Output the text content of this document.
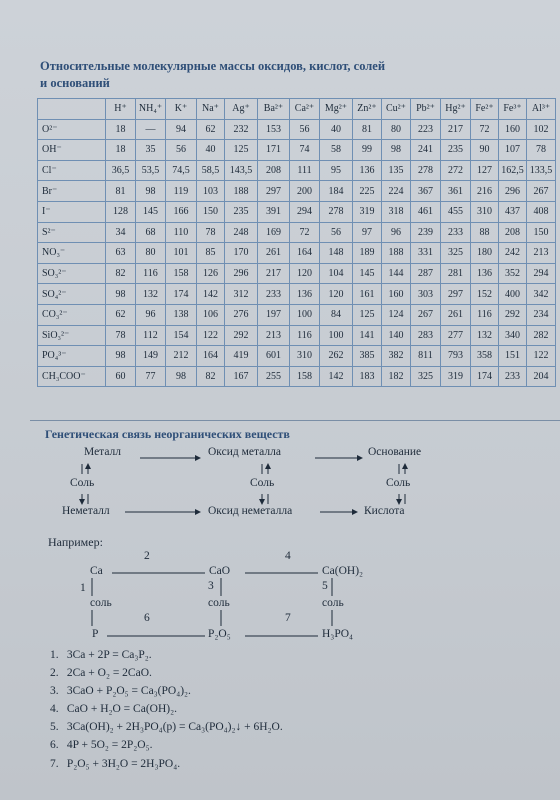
Относительные молекулярные массы оксидов, кислот, солей
и оснований
	H⁺	NH₄⁺	K⁺	Na⁺	Ag⁺	Ba²⁺	Ca²⁺	Mg²⁺	Zn²⁺	Cu²⁺	Pb²⁺	Hg²⁺	Fe²⁺	Fe³⁺	Al³⁺
O²⁻	18	—	94	62	232	153	56	40	81	80	223	217	72	160	102
OH⁻	18	35	56	40	125	171	74	58	99	98	241	235	90	107	78
Cl⁻	36,5	53,5	74,5	58,5	143,5	208	111	95	136	135	278	272	127	162,5	133,5
Br⁻	81	98	119	103	188	297	200	184	225	224	367	361	216	296	267
I⁻	128	145	166	150	235	391	294	278	319	318	461	455	310	437	408
S²⁻	34	68	110	78	248	169	72	56	97	96	239	233	88	208	150
NO₃⁻	63	80	101	85	170	261	164	148	189	188	331	325	180	242	213
SO₃²⁻	82	116	158	126	296	217	120	104	145	144	287	281	136	352	294
SO₄²⁻	98	132	174	142	312	233	136	120	161	160	303	297	152	400	342
CO₃²⁻	62	96	138	106	276	197	100	84	125	124	267	261	116	292	234
SiO₃²⁻	78	112	154	122	292	213	116	100	141	140	283	277	132	340	282
PO₄³⁻	98	149	212	164	419	601	310	262	385	382	811	793	358	151	122
CH₃COO⁻	60	77	98	82	167	255	158	142	183	182	325	319	174	233	204
Генетическая связь неорганических веществ
Металл	Оксид металла	Основание
Соль	Соль	Соль
Неметалл	Оксид неметалла	Кислота
Например:
2	4
Ca	CaO	Ca(OH)₂
1	3	5
соль	соль	соль
6	7
P	P₂O₅	H₃PO₄
1. 3Ca + 2P = Ca₃P₂.
2. 2Ca + O₂ = 2CaO.
3. 3CaO + P₂O₅ = Ca₃(PO₄)₂.
4. CaO + H₂O = Ca(OH)₂.
5. 3Ca(OH)₂ + 2H₃PO₄(р) = Ca₃(PO₄)₂↓ + 6H₂O.
6. 4P + 5O₂ = 2P₂O₅.
7. P₂O₅ + 3H₂O = 2H₃PO₄.
